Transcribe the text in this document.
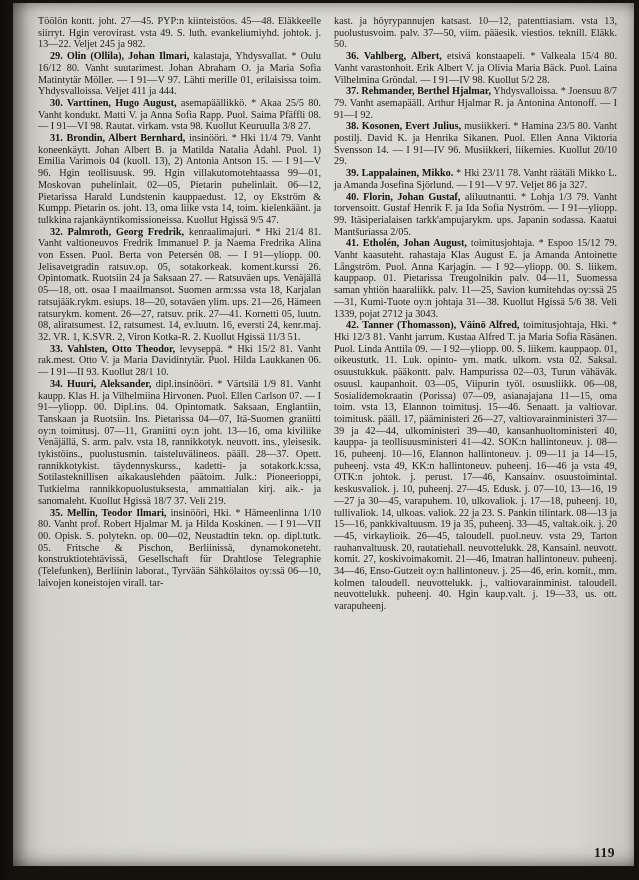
Töölön kontt. joht. 27—45. PYP:n kiinteistöos. 45—48. Eläkkeelle siirryt. Hgin verovirast. vsta 49. S. luth. evankeliumiyhd. johtok. j. 13—22. Veljet 245 ja 982.

29. Olin (Ollila), Johan Ilmari, kalastaja, Yhdysvallat. * Oulu 16/12 80. Vanht suutarimest. Johan Abraham O. ja Maria Sofia Matintytär Möller. — I 91—V 97. Lähti merille 01, erilaisissa toim. Yhdysvalloissa. Veljet 411 ja 444.

30. Varttinen, Hugo August, asemapäällikkö. * Akaa 25/5 80. Vanht kondukt. Matti V. ja Anna Sofia Rapp. Puol. Saima Pfäffli 08. — I 91—VI 98. Rautat. virkam. vsta 98. Kuollut Keuruulla 3/8 27.

31. Brondin, Albert Bernhard, insinööri. * Hki 11/4 79. Vanht koneenkäytt. Johan Albert B. ja Matilda Natalia Ådahl. Puol. 1) Emilia Varimois 04 (kuoll. 13), 2) Antonia Antson 15. — I 91—V 96. Hgin teollisuusk. 99. Hgin villakutomotehtaassa 99—01, Moskovan puhelinlait. 02—05, Pietarin puhelinlait. 06—12, Pietarissa Harald Lundstenin kauppaedust. 12, oy Ekström & Kumpp. Pietarin os. joht. 13, oma liike vsta 14, toim. kielenkäänt. ja tulkkina rajankäyntikomissioneissa. Kuollut Hgissä 9/5 47.

32. Palmroth, Georg Fredrik, kenraalimajuri. * Hki 21/4 81. Vanht valtioneuvos Fredrik Immanuel P. ja Naema Fredrika Alina von Essen. Puol. Berta von Petersén 08. — I 91—yliopp. 00. Jelisavetgradin ratsuv.op. 05, sotakorkeak. koment.kurssi 26. Opintomatk. Ruotsiin 24 ja Saksaan 27. — Ratsuväen ups. Venäjällä 05—18, ott. osaa I maailmansot. Suomen arm:ssa vsta 18, Karjalan ratsujääk.rykm. esiups. 18—20, sotaväen ylim. ups. 21—26, Hämeen ratsurykm. koment. 26—27, ratsuv. prik. 27—41. Kornetti 05, luutn. 08, aliratsumest. 12, ratsumest. 14, ev.luutn. 16, eversti 24, kenr.maj. 32. VR. 1, K.SVR. 2, Viron Kotka-R. 2. Kuollut Hgissä 11/3 51.

33. Vahlsten, Otto Theodor, levyseppä. * Hki 15/2 81. Vanht rak.mest. Otto V. ja Maria Davidintytär. Puol. Hilda Laukkanen 06. — I 91—II 93. Kuollut 28/1 10.

34. Huuri, Aleksander, dipl.insinööri. * Värtsilä 1/9 81. Vanht kaupp. Klas H. ja Vilhelmiina Hirvonen. Puol. Ellen Carlson 07. — I 91—yliopp. 00. Dipl.ins. 04. Opintomatk. Saksaan, Englantiin, Tanskaan ja Ruotsiin. Ins. Pietarissa 04—07, Itä-Suomen graniitti oy:n toimitusj. 07—11, Graniitti oy:n joht. 13—16, oma kiviliike Venäjällä, S. arm. palv. vsta 18, rannikkotyk. neuvott. ins., yleisesik. tykistöins., puolustusmin. taisteluvälineos. pääll. 28—37. Opett. rannikkotykist. täydennyskurss., kadetti- ja sotakork.k:ssa, Sotilasteknillisen aikakauslehden päätoim. Julk.: Pioneerioppi, Tutkielma rannikkopuolustuksesta, ammattialan kirj. aik.- ja sanomaleht. Kuollut Hgissä 18/7 37. Veli 219.

35. Mellin, Teodor Ilmari, insinööri, Hki. * Hämeenlinna 1/10 80. Vanht prof. Robert Hjalmar M. ja Hilda Koskinen. — I 91—VII 00. Opisk. S. polytekn. op. 00—02, Neustadtin tekn. op. dipl.tutk. 05. Fritsche & Pischon, Berliinissä, dynamokoneteht. konstruktiotehtävissä, Gesellschaft für Drahtlose Telegraphie (Telefunken), Berliinin laborat., Tyrvään Sähkölaitos oy:ssä 06—10, laivojen koneistojen virall. tar-

kast. ja höyrypannujen katsast. 10—12, patenttiasiam. vsta 13, puolustusvoim. palv. 37—50, viim. pääesik. viestios. teknill. Eläkk. 50.

36. Vahlberg, Albert, etsivä konstaapeli. * Valkeala 15/4 80. Vanht varastonhoit. Erik Albert V. ja Olivia Maria Bäck. Puol. Laina Vilhelmina Gröndal. — I 91—IV 98. Kuollut 5/2 28.

37. Rehmander, Berthel Hjalmar, Yhdysvalloissa. * Joensuu 8/7 79. Vanht asemapääll. Arthur Hjalmar R. ja Antonina Antonoff. — I 91—I 92.

38. Kosonen, Evert Julius, musiikkeri. * Hamina 23/5 80. Vanht postilj. David K. ja Henrika Sikanen. Puol. Ellen Anna Viktoria Svensson 14. — I 91—IV 96. Musiikkeri, liikemies. Kuollut 20/10 29.

39. Lappalainen, Mikko. * Hki 23/11 78. Vanht räätäli Mikko L. ja Amanda Josefina Sjörlund. — I 91—V 97. Veljet 86 ja 327.

40. Florin, Johan Gustaf, aliluutnantti. * Lohja 1/3 79. Vanht torvensoitt. Gustaf Henrik F. ja Ida Sofia Nyström. — I 91—yliopp. 99. Itäsiperialaisen tarkk'ampujarykm. ups. Japanin sodassa. Kaatui Mantšuriassa 2/05.

41. Etholén, Johan August, toimitusjohtaja. * Espoo 15/12 79. Vanht kaasuteht. rahastaja Klas August E. ja Amanda Antoinette Långström. Puol. Anna Karjagin. — I 92—yliopp. 00. S. liikem. kauppaop. 01. Pietarissa Treugolnikin palv. 04—11, Suomessa saman yhtiön haaraliikk. palv. 11—25, Savion kumitehdas oy:ssä 25—31, Kumi-Tuote oy:n johtaja 31—38. Kuollut Hgissä 5/6 38. Veli 1339, pojat 2712 ja 3043.

42. Tanner (Thomasson), Väinö Alfred, toimitusjohtaja, Hki. * Hki 12/3 81. Vanht jarrum. Kustaa Alfred T. ja Maria Sofia Räsänen. Puol. Linda Anttila 09. — I 92—yliopp. 00. S. liikem. kauppaop. 01, oikeustutk. 11. Luk. opinto- ym. matk. ulkom. vsta 02. Saksal. osuustukkuk. pääkontt. palv. Hampurissa 02—03, Turun vähäväk. osuusl. kaupanhoit. 03—05, Viipurin työl. osuusliikk. 06—08, Sosialidemokraatin (Porissa) 07—09, asianajajana 11—15, oma toim. vsta 13, Elannon toimitusj. 15—46. Senaatt. ja valtiovar. toimitusk. pääll. 17, pääministeri 26—27, valtiovarainministeri 37—39 ja 42—44, ulkoministeri 39—40, kansanhuoltoministeri 40, kauppa- ja teollisuusministeri 41—42. SOK:n hallintoneuv. j. 08—16, puheenj. 10—16, Elannon hallintoneuv. j. 09—11 ja 14—15, puheenj. vsta 49, KK:n hallintoneuv. puheenj. 16—46 ja vsta 49, OTK:n johtok. j. perust. 17—46, Kansainv. osuustoimintal. keskusvaliok. j. 10, puheenj. 27—45. Edusk. j. 07—10, 13—16, 19—27 ja 30—45, varapuhem. 10, ulkovaliok. j. 17—18, puheenj. 10, tullivaliok. 14, ulkoas. valiok. 22 ja 23. S. Pankin tilintark. 08—13 ja 15—16, pankkivaltuusm. 19 ja 35, puheenj. 33—45, valtak.oik. j. 20—45, virkaylioik. 26—45, taloudell. puol.neuv. vsta 29, Tarton rauhanvaltuusk. 20, rautatiehall. neuvottelukk. 28, Kansainl. neuvott. komit. 27, koskivoimakomit. 21—46, Imatran hallintoneuv. puheenj. 34—46, Enso-Gutzeit oy:n hallintoneuv. j. 25—46, erin. komit., mm. kolmen taloudell. neuvottelukk. j., valtiovarainminist. taloudell. neuvottelukk. puheenj. 40. Hgin kaup.valt. j. 19—33, us. ott. varapuheenj.

119
